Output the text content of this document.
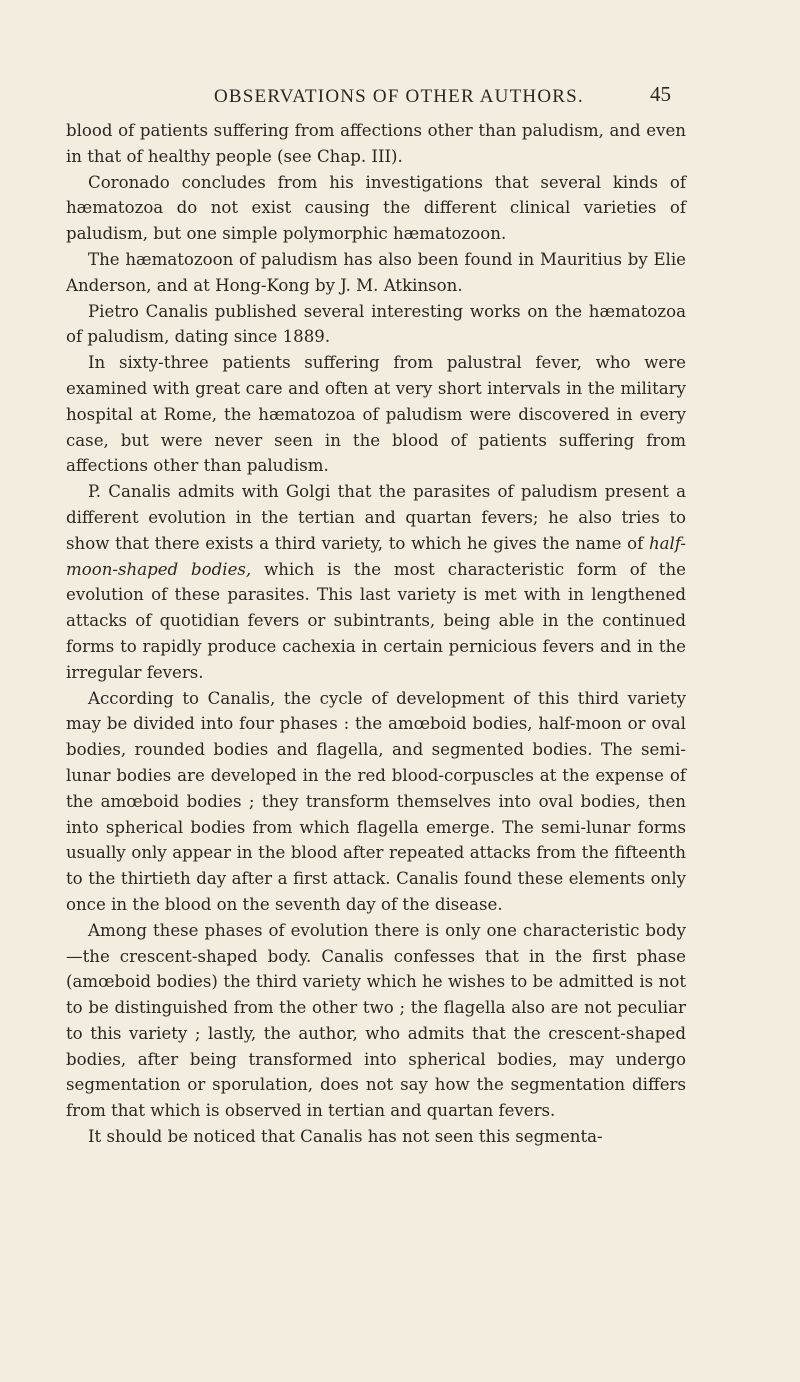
OBSERVATIONS OF OTHER AUTHORS.	45

blood of patients suffering from affections other than paludism, and even in that of healthy people (see Chap. III).

Coronado concludes from his investigations that several kinds of hæmatozoa do not exist causing the different clinical varieties of paludism, but one simple polymorphic hæmatozoon.

The hæmatozoon of paludism has also been found in Mauritius by Elie Anderson, and at Hong-Kong by J. M. Atkinson.

Pietro Canalis published several interesting works on the hæmatozoa of paludism, dating since 1889.

In sixty-three patients suffering from palustral fever, who were examined with great care and often at very short intervals in the military hospital at Rome, the hæmatozoa of paludism were discovered in every case, but were never seen in the blood of patients suffering from affections other than paludism.

P. Canalis admits with Golgi that the parasites of paludism present a different evolution in the tertian and quartan fevers; he also tries to show that there exists a third variety, to which he gives the name of half-moon-shaped bodies, which is the most characteristic form of the evolution of these parasites. This last variety is met with in lengthened attacks of quotidian fevers or subintrants, being able in the continued forms to rapidly produce cachexia in certain pernicious fevers and in the irregular fevers.

According to Canalis, the cycle of development of this third variety may be divided into four phases : the amœboid bodies, half-moon or oval bodies, rounded bodies and flagella, and segmented bodies. The semi-lunar bodies are developed in the red blood-corpuscles at the expense of the amœboid bodies ; they transform themselves into oval bodies, then into spherical bodies from which flagella emerge. The semi-lunar forms usually only appear in the blood after repeated attacks from the fifteenth to the thirtieth day after a first attack. Canalis found these elements only once in the blood on the seventh day of the disease.

Among these phases of evolution there is only one characteristic body—the crescent-shaped body. Canalis confesses that in the first phase (amœboid bodies) the third variety which he wishes to be admitted is not to be distinguished from the other two ; the flagella also are not peculiar to this variety ; lastly, the author, who admits that the crescent-shaped bodies, after being transformed into spherical bodies, may undergo segmentation or sporulation, does not say how the segmentation differs from that which is observed in tertian and quartan fevers.

It should be noticed that Canalis has not seen this segmenta-
